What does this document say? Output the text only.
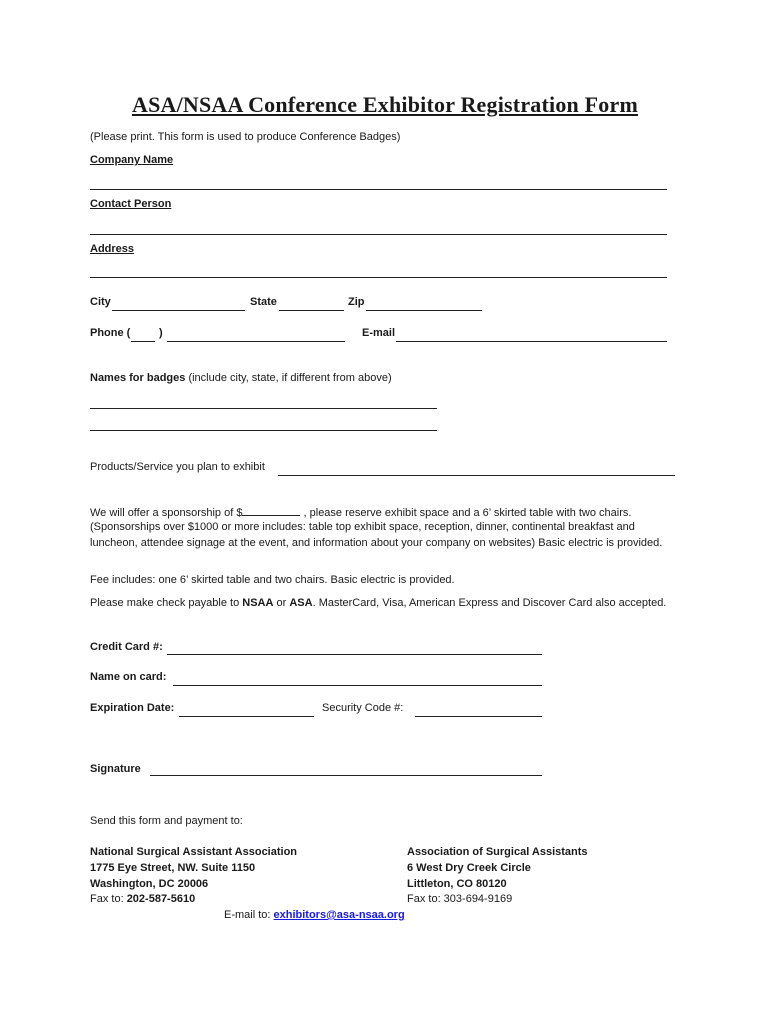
ASA/NSAA Conference Exhibitor Registration Form
(Please print. This form is used to produce Conference Badges)
Company Name
Contact Person
Address
City	State	Zip
Phone (	)	E-mail
Names for badges (include city, state, if different from above)
Products/Service you plan to exhibit
We will offer a sponsorship of $	, please reserve exhibit space and a 6’ skirted table with two chairs.
(Sponsorships over $1000 or more includes: table top exhibit space, reception, dinner, continental breakfast and luncheon, attendee signage at the event, and information about your company on websites) Basic electric is provided.
Fee includes: one 6’ skirted table and two chairs. Basic electric is provided.
Please make check payable to NSAA or ASA. MasterCard, Visa, American Express and Discover Card also accepted.
Credit Card #:
Name on card:
Expiration Date:	Security Code #:
Signature
Send this form and payment to:
National Surgical Assistant Association
1775 Eye Street, NW. Suite 1150
Washington, DC 20006
Fax to: 202-587-5610
Association of Surgical Assistants
6 West Dry Creek Circle
Littleton, CO 80120
Fax to: 303-694-9169
E-mail to: exhibitors@asa-nsaa.org
